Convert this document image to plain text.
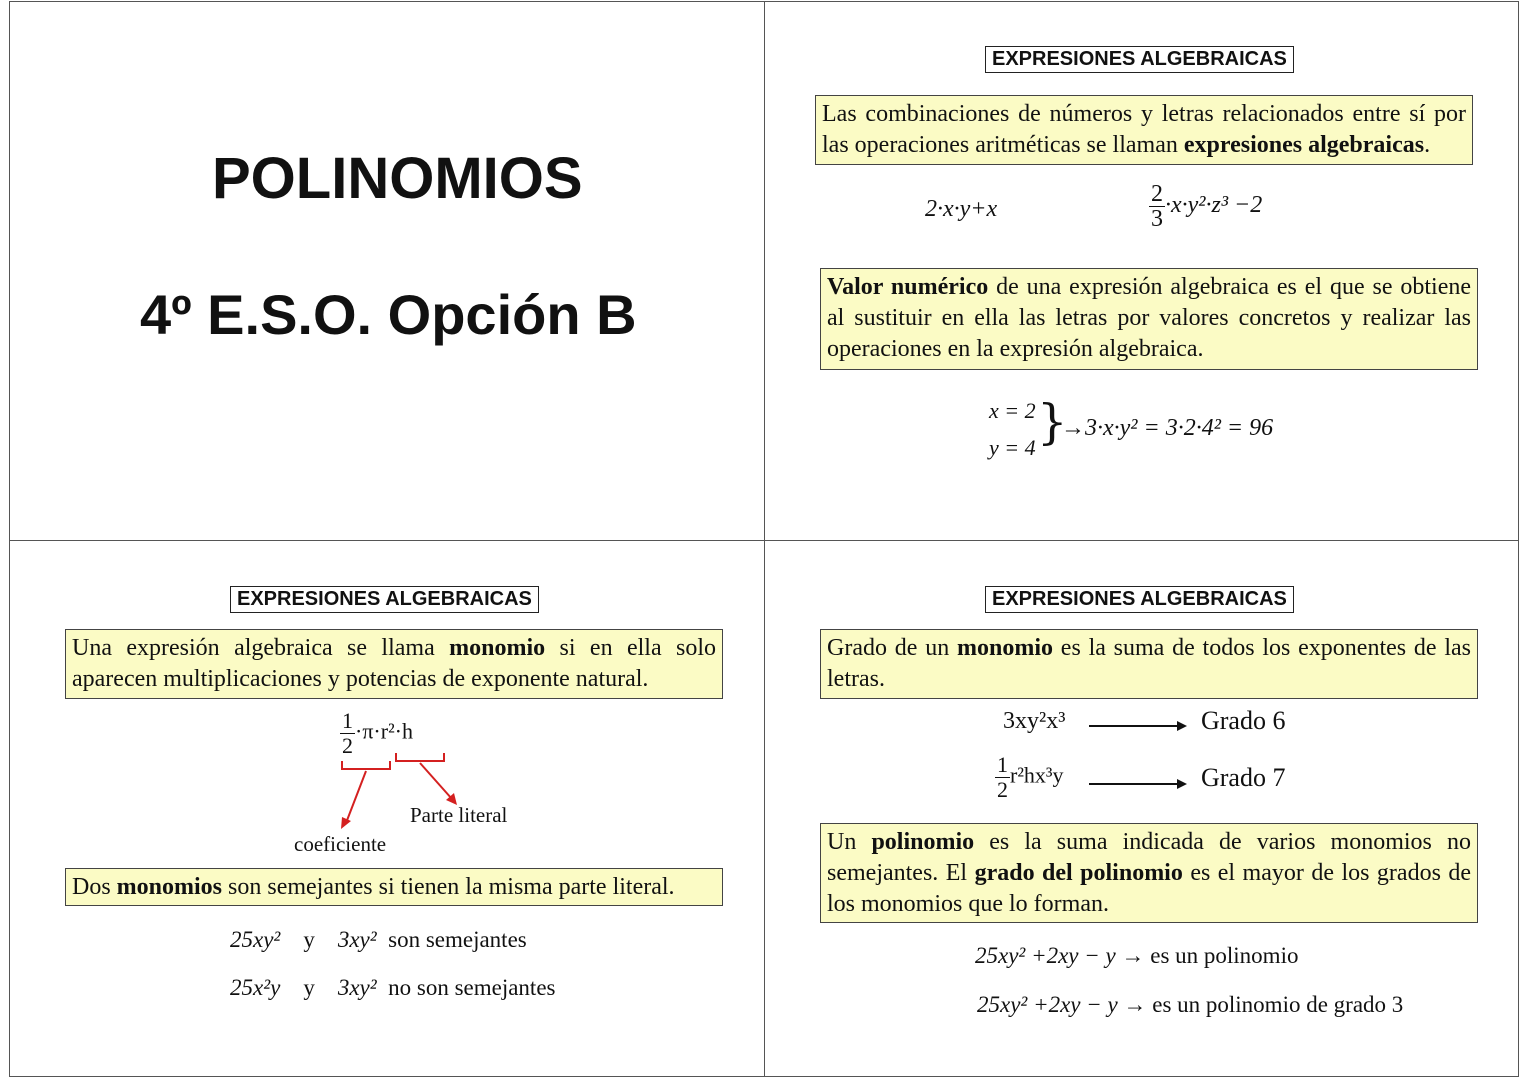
POLINOMIOS
4º E.S.O. Opción B
EXPRESIONES ALGEBRAICAS
Las combinaciones de números y letras relacionados entre sí por las operaciones aritméticas se llaman expresiones algebraicas.
2·x·y+x	$\frac{2}{3} \cdot x\cdot y^2\cdot z^3 -2$
Valor numérico de una expresión algebraica es el que se obtiene al sustituir en ella las letras por valores concretos y realizar las operaciones en la expresión algebraica.
x = 2
y = 4 }
→3·x·y² = 3·2·4² = 96
EXPRESIONES ALGEBRAICAS
Una expresión algebraica se llama monomio si en ella solo aparecen multiplicaciones y potencias de exponente natural.
$\frac{1}{2} \cdot\pi\cdot r^2\cdot h$
Parte literal
coeficiente
Dos monomios son semejantes si tienen la misma parte literal.
25xy² y 3xy² son semejantes
25x²y y 3xy² no son semejantes
EXPRESIONES ALGEBRAICAS
Grado de un monomio es la suma de todos los exponentes de las letras.
3xy²x³	Grado 6
$\frac{1}{2} r^2hx^3y$	Grado 7
Un polinomio es la suma indicada de varios monomios no semejantes. El grado del polinomio es el mayor de los grados de los monomios que lo forman.
25xy² +2xy − y → es un polinomio
25xy² +2xy − y → es un polinomio de grado 3
